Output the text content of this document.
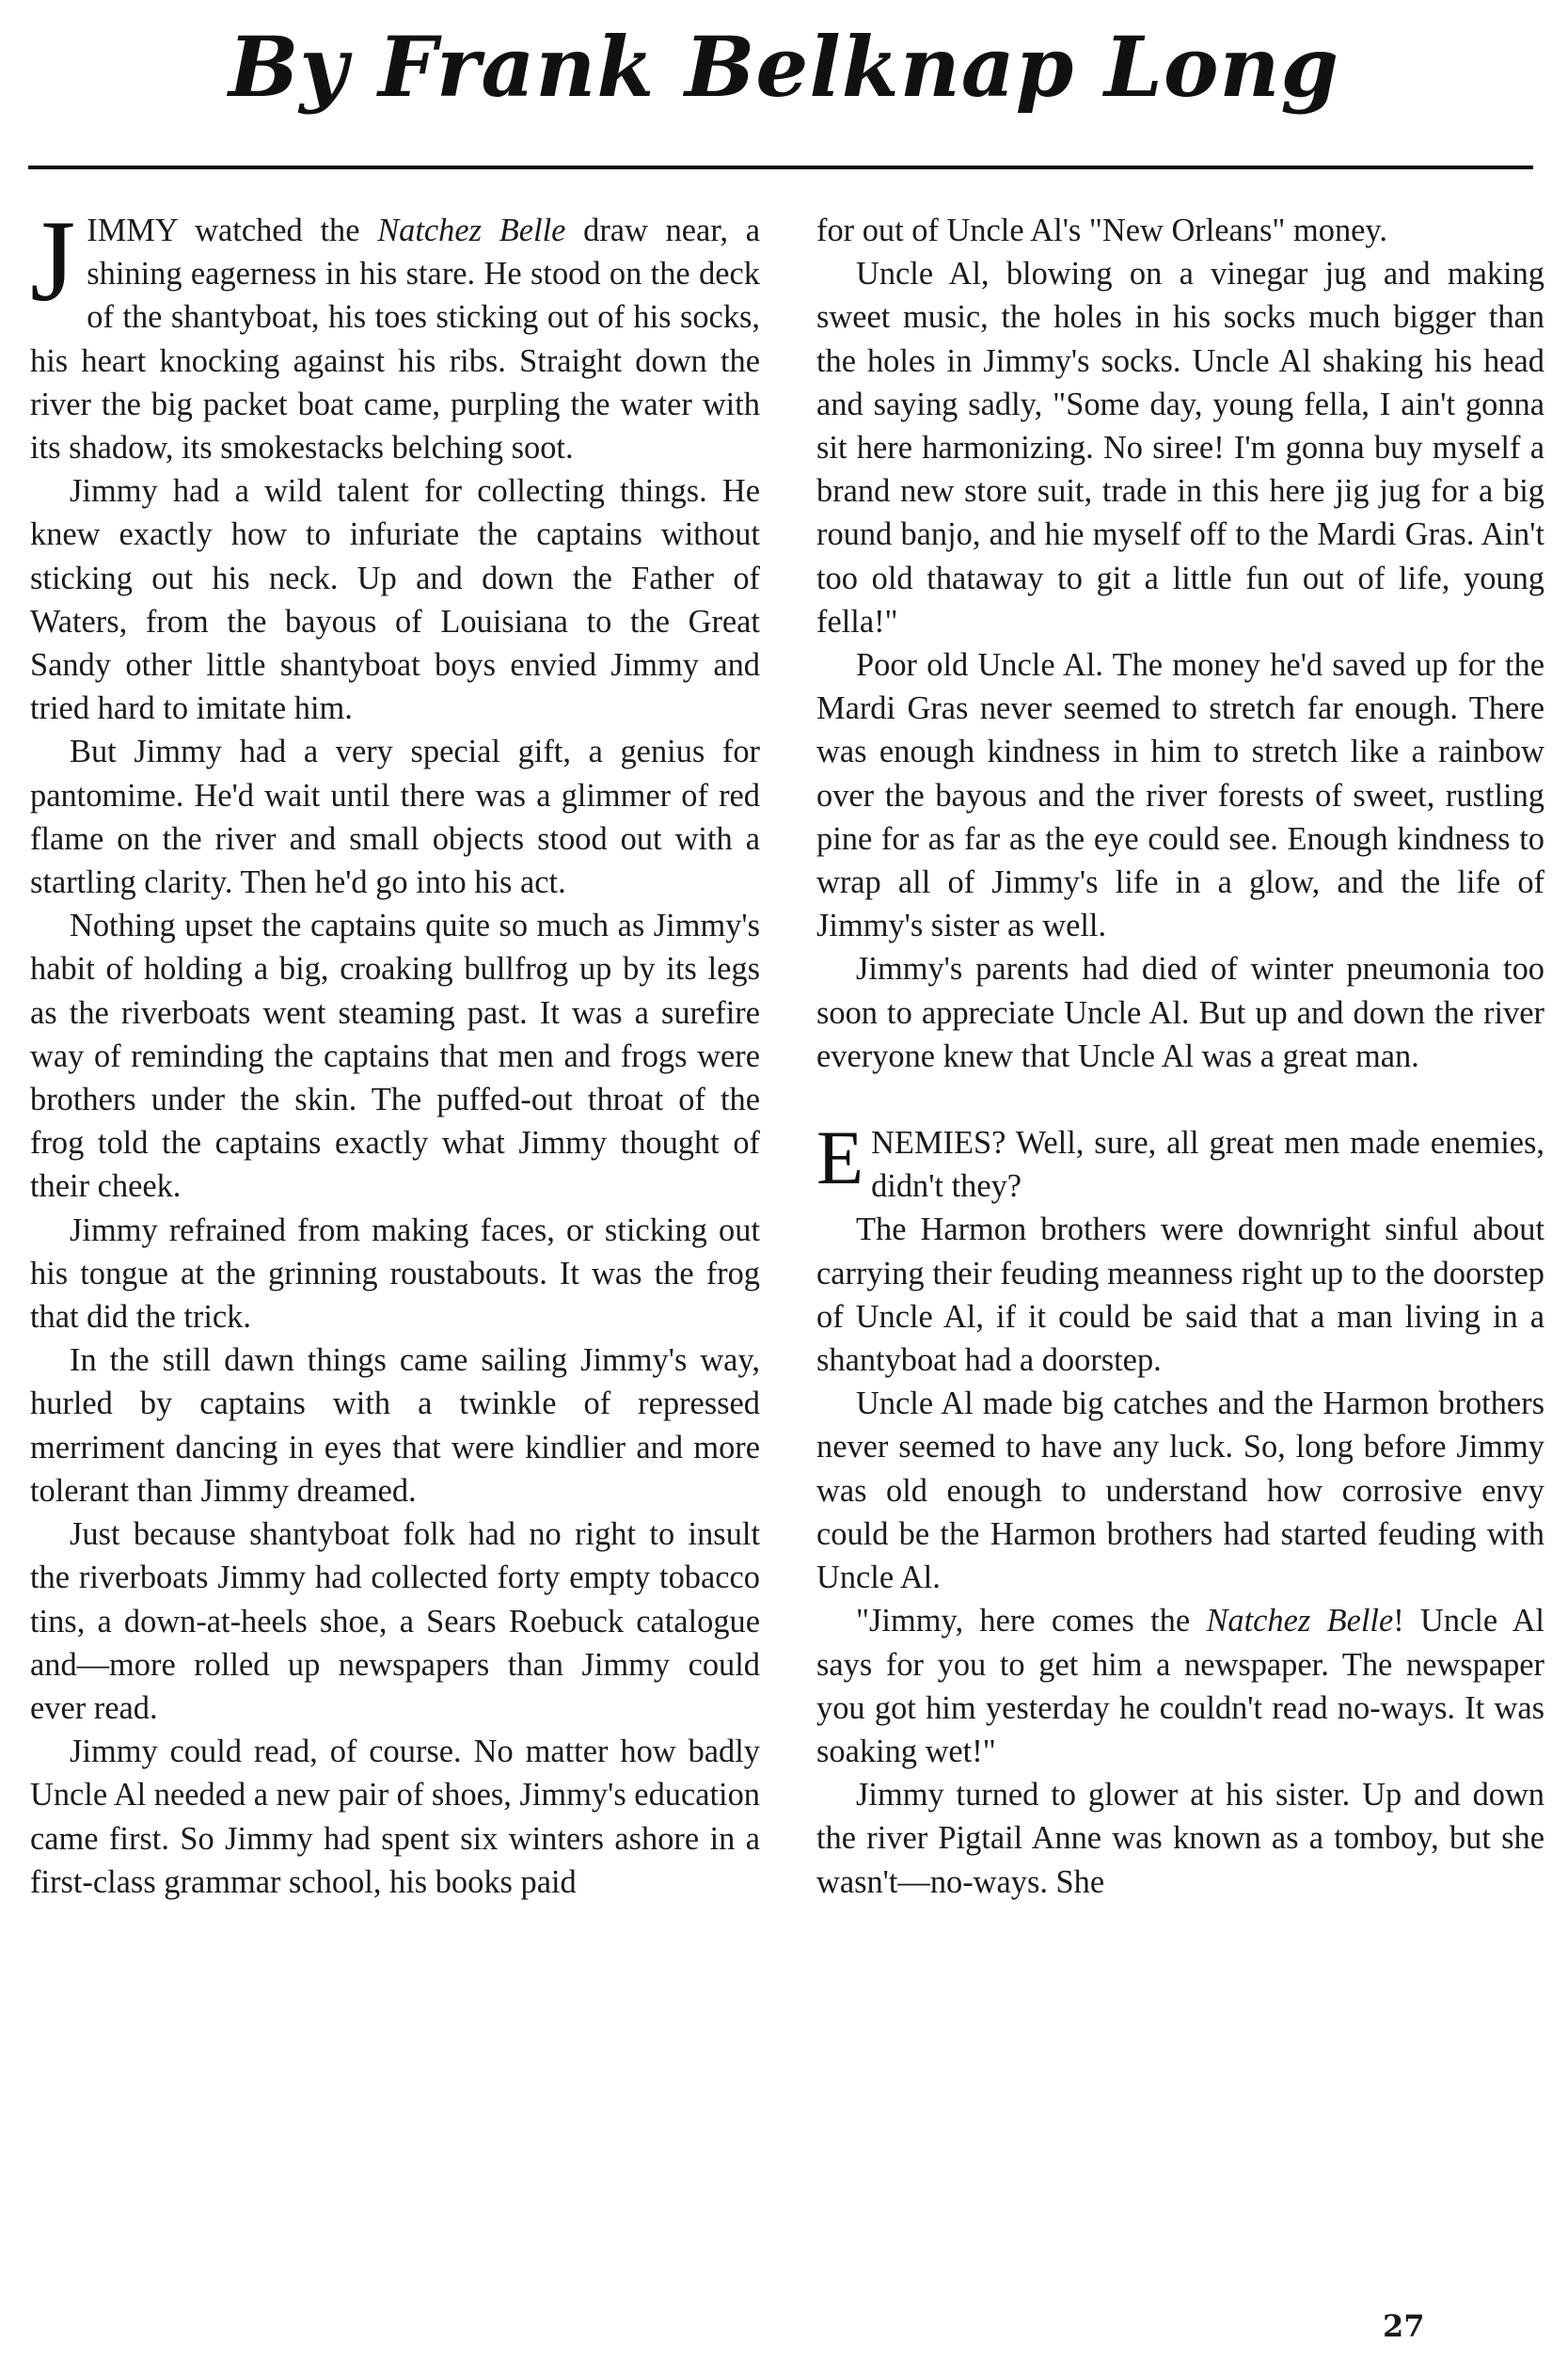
By Frank Belknap Long

JIMMY watched the Natchez Belle draw near, a shining eagerness in his stare. He stood on the deck of the shantyboat, his toes sticking out of his socks, his heart knocking against his ribs. Straight down the river the big packet boat came, purpling the water with its shadow, its smokestacks belching soot.

Jimmy had a wild talent for collecting things. He knew exactly how to infuriate the captains without sticking out his neck. Up and down the Father of Waters, from the bayous of Louisiana to the Great Sandy other little shantyboat boys envied Jimmy and tried hard to imitate him.

But Jimmy had a very special gift, a genius for pantomime. He'd wait until there was a glimmer of red flame on the river and small objects stood out with a startling clarity. Then he'd go into his act.

Nothing upset the captains quite so much as Jimmy's habit of holding a big, croaking bullfrog up by its legs as the riverboats went steaming past. It was a surefire way of reminding the captains that men and frogs were brothers under the skin. The puffed-out throat of the frog told the captains exactly what Jimmy thought of their cheek.

Jimmy refrained from making faces, or sticking out his tongue at the grinning roustabouts. It was the frog that did the trick.

In the still dawn things came sailing Jimmy's way, hurled by captains with a twinkle of repressed merriment dancing in eyes that were kindlier and more tolerant than Jimmy dreamed.

Just because shantyboat folk had no right to insult the riverboats Jimmy had collected forty empty tobacco tins, a down-at-heels shoe, a Sears Roebuck catalogue and—more rolled up newspapers than Jimmy could ever read.

Jimmy could read, of course. No matter how badly Uncle Al needed a new pair of shoes, Jimmy's education came first. So Jimmy had spent six winters ashore in a first-class grammar school, his books paid

for out of Uncle Al's "New Orleans" money.

Uncle Al, blowing on a vinegar jug and making sweet music, the holes in his socks much bigger than the holes in Jimmy's socks. Uncle Al shaking his head and saying sadly, "Some day, young fella, I ain't gonna sit here harmonizing. No siree! I'm gonna buy myself a brand new store suit, trade in this here jig jug for a big round banjo, and hie myself off to the Mardi Gras. Ain't too old thataway to git a little fun out of life, young fella!"

Poor old Uncle Al. The money he'd saved up for the Mardi Gras never seemed to stretch far enough. There was enough kindness in him to stretch like a rainbow over the bayous and the river forests of sweet, rustling pine for as far as the eye could see. Enough kindness to wrap all of Jimmy's life in a glow, and the life of Jimmy's sister as well.

Jimmy's parents had died of winter pneumonia too soon to appreciate Uncle Al. But up and down the river everyone knew that Uncle Al was a great man.

ENEMIES? Well, sure, all great men made enemies, didn't they?

The Harmon brothers were downright sinful about carrying their feuding meanness right up to the doorstep of Uncle Al, if it could be said that a man living in a shantyboat had a doorstep.

Uncle Al made big catches and the Harmon brothers never seemed to have any luck. So, long before Jimmy was old enough to understand how corrosive envy could be the Harmon brothers had started feuding with Uncle Al.

"Jimmy, here comes the Natchez Belle! Uncle Al says for you to get him a newspaper. The newspaper you got him yesterday he couldn't read no-ways. It was soaking wet!"

Jimmy turned to glower at his sister. Up and down the river Pigtail Anne was known as a tomboy, but she wasn't—no-ways. She

27
